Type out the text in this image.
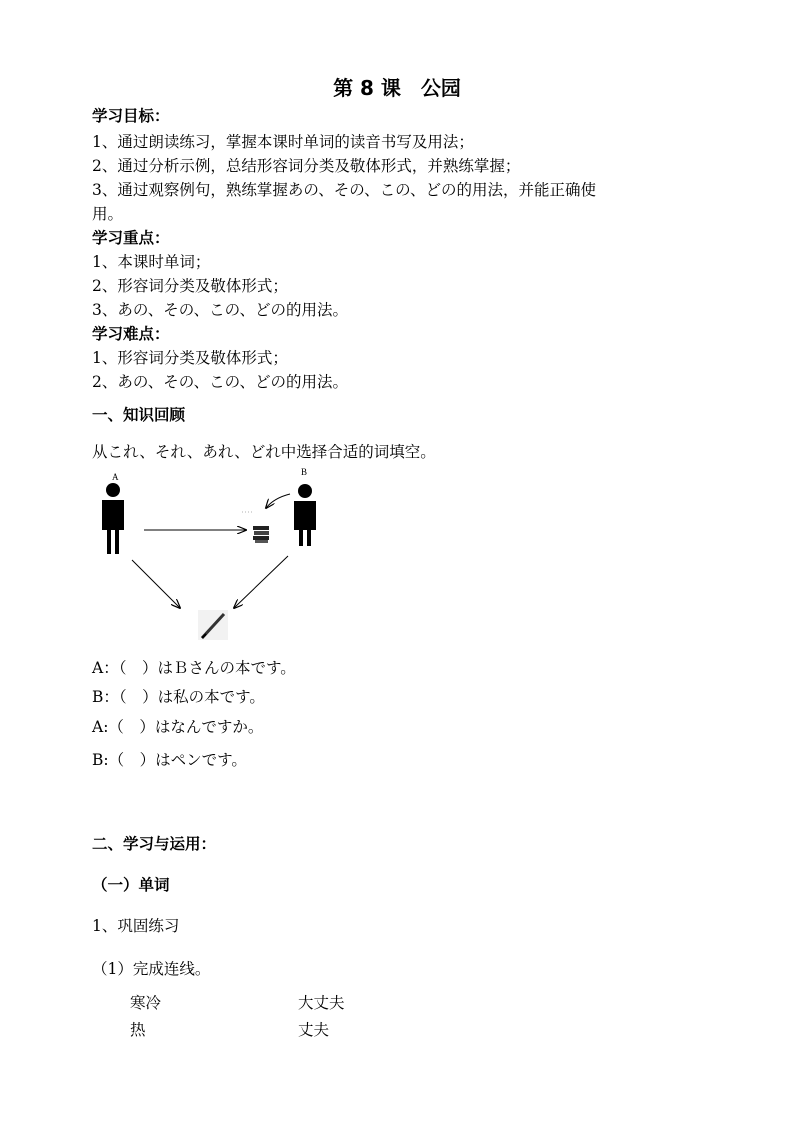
第 8 课　公园
学习目标：
1、通过朗读练习，掌握本课时单词的读音书写及用法；
2、通过分析示例，总结形容词分类及敬体形式，并熟练掌握；
3、通过观察例句，熟练掌握あの、その、この、どの的用法，并能正确使
用。
学习重点：
1、本课时单词；
2、形容词分类及敬体形式；
3、あの、その、この、どの的用法。
学习难点：
1、形容词分类及敬体形式；
2、あの、その、この、どの的用法。
一、知识回顾
从これ、それ、あれ、どれ中选择合适的词填空。
A	B
A：（　）はＢさんの本です。
B：（　）は私の本です。
A:（　）はなんですか。
B:（　）はペンです。
二、学习与运用：
（一）单词
1、巩固练习
（1）完成连线。
寒冷
热
大丈夫
丈夫
